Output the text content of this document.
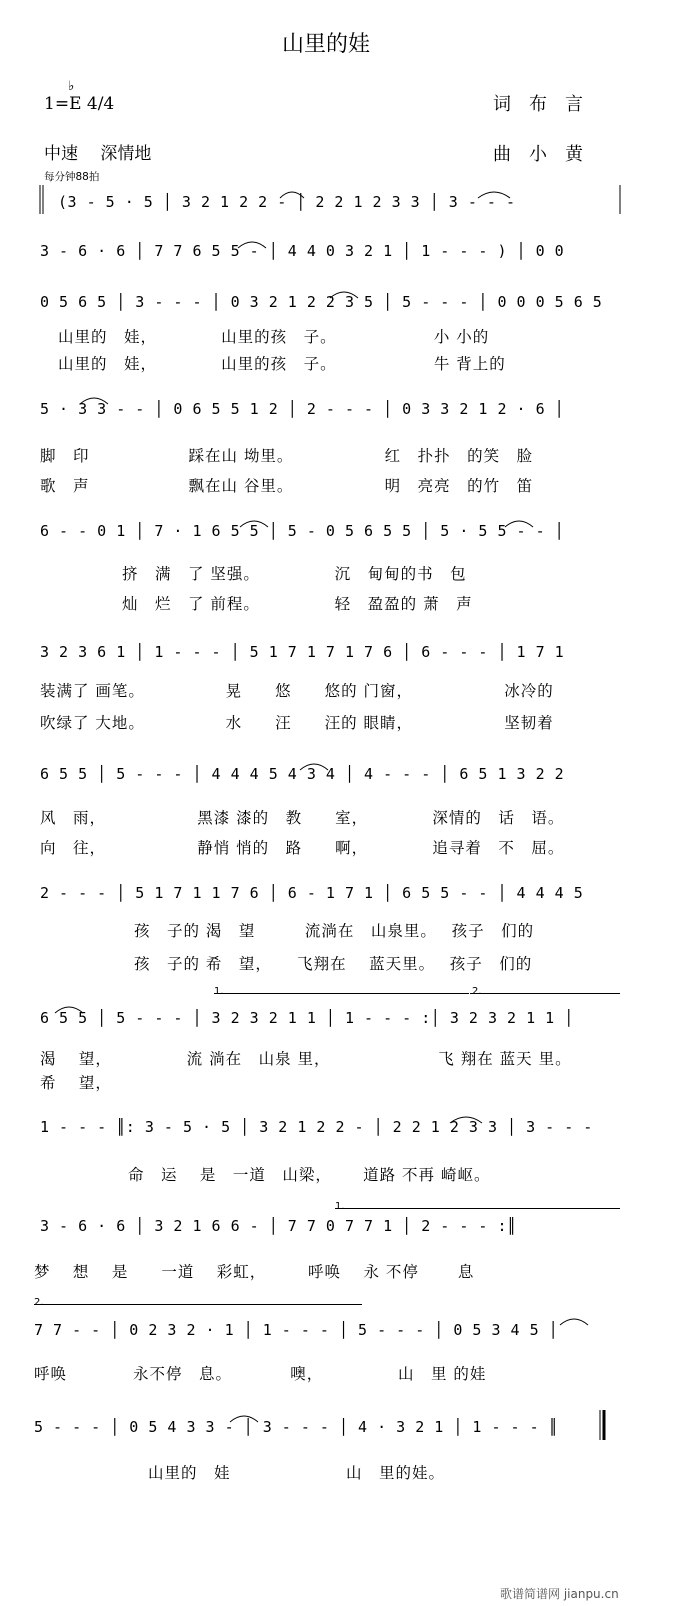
山里的娃
1=
♭
E 4/4	词　布　言
中速　 深情地	曲　小　黄
每分钟88拍
(3 - 5 · 5 │ 3 2 1 2 2 - │ 2 2 1 2 3 3 │ 3 - - -
3 - 6 · 6 │ 7 7 6 5 5 - │ 4 4 0 3 2 1 │ 1 - - - ) │ 0 0
0 5 6 5 │ 3 - - - │ 0 3 2 1 2 2 3 5 │ 5 - - - │ 0 0 0 5 6 5
山里的　娃，　　　　 山里的孩　子。　　　　　　 小 小的
山里的　娃，　　　　 山里的孩　子。　　　　　　 牛 背上的
5 · 3 3 - - │ 0 6 5 5 1 2 │ 2 - - - │ 0 3 3 2 1 2 · 6 │
脚　印　　　　　　踩在山 坳里。　　　　　　红　扑扑　的笑　脸
歌　声　　　　　　飘在山 谷里。　　　　　　明　亮亮　的竹　笛
6 - - 0 1 │ 7 · 1 6 5 5 │ 5 - 0 5 6 5 5 │ 5 · 5 5 - - │
挤　满　了 坚强。　　　　　沉　甸甸的书　包
灿　烂　了 前程。　　　　　轻　盈盈的 萧　声
3 2 3 6 1 │ 1 - - - │ 5 1 7 1 7 1 7 6 │ 6 - - - │ 1 7 1
装满了 画笔。　　　　　 晃　　悠　　悠的 门窗，　　　　　　冰冷的
吹绿了 大地。　　　　　 水　　汪　　汪的 眼睛，　　　　　　坚韧着
6 5 5 │ 5 - - - │ 4 4 4 5 4 3 4 │ 4 - - - │ 6 5 1 3 2 2
风　雨，　　　　　　黑漆 漆的　教　　室，　　　　 深情的　话　语。
向　往，　　　　　　静悄 悄的　路　　啊，　　　　 追寻着　不　屈。
2 - - - │ 5 1 7 1 1 7 6 │ 6 - 1 7 1 │ 6 5 5 - - │ 4 4 4 5
孩　子的 渴　望　　　流淌在　山泉里。　 孩子　们的
孩　子的 希　望，　　飞翔在　 蓝天里。　 孩子　们的
1.	2.
6 5 5 │ 5 - - - │ 3 2 3 2 1 1 │ 1 - - - :│ 3 2 3 2 1 1 │
渴　 望，　　　　　流 淌在　山泉 里，　　　　　　　飞 翔在 蓝天 里。
希　 望，
1 - - - ║: 3 - 5 · 5 │ 3 2 1 2 2 - │ 2 2 1 2 3 3 │ 3 - - -
命　运　 是　一道　山梁，　　 道路 不再 崎岖。
1.
3 - 6 · 6 │ 3 2 1 6 6 - │ 7 7 0 7 7 1 │ 2 - - - :║
梦　 想　 是　　一道　 彩虹，　　　呼唤　 永 不停　　 息
2.
7 7 - - │ 0 2 3 2 · 1 │ 1 - - - │ 5 - - - │ 0 5 3 4 5 │
呼唤　　　　永不停　息。　　　　噢，　　　　　山　里 的娃
5 - - - │ 0 5 4 3 3 - │ 3 - - - │ 4 · 3 2 1 │ 1 - - - ║
山里的　娃　　　　　　　山　里的娃。
歌谱简谱网 jianpu.cn
